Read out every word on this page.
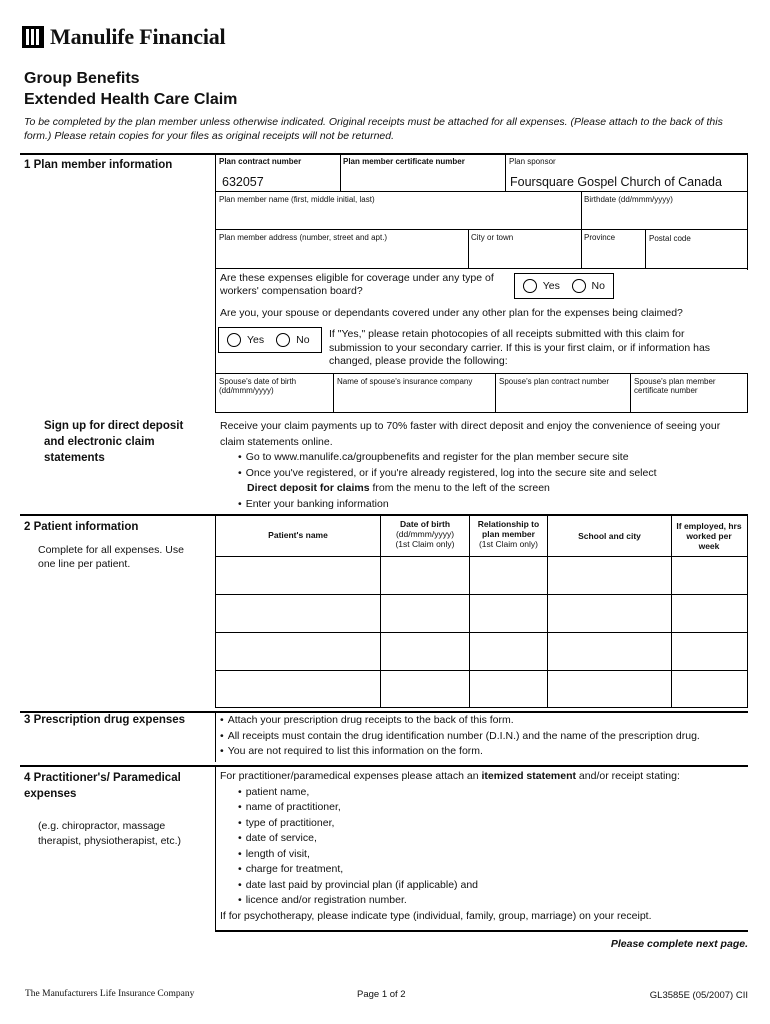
Manulife Financial
Group Benefits
Extended Health Care Claim
To be completed by the plan member unless otherwise indicated. Original receipts must be attached for all expenses. (Please attach to the back of this form.) Please retain copies for your files as original receipts will not be returned.
1 Plan member information	Plan contract number
632057
Plan member certificate number	Plan sponsor
Foursquare Gospel Church of Canada
Plan member name (first, middle initial, last)	Birthdate (dd/mmm/yyyy)
Plan member address (number, street and apt.)	City or town	Province	Postal code
Are these expenses eligible for coverage under any type of workers' compensation board?	Yes	No
Are you, your spouse or dependants covered under any other plan for the expenses being claimed?
Yes	No If "Yes," please retain photocopies of all receipts submitted with this claim for submission to your secondary carrier. If this is your first claim, or if information has changed, please provide the following:
Spouse's date of birth (dd/mmm/yyyy)
Name of spouse's insurance company	Spouse's plan contract number	Spouse's plan member certificate number
Sign up for direct deposit and electronic claim statements
Receive your claim payments up to 70% faster with direct deposit and enjoy the convenience of seeing your claim statements online.
• Go to www.manulife.ca/groupbenefits and register for the plan member secure site
• Once you've registered, or if you're already registered, log into the secure site and select
Direct deposit for claims from the menu to the left of the screen
• Enter your banking information
2 Patient information
Complete for all expenses. Use one line per patient.
Patient's name
Date of birth
(dd/mmm/yyyy)
(1st Claim only)
Relationship to plan member
(1st Claim only)
School and city
If employed, hrs worked per week
3 Prescription drug expenses
•	Attach your prescription drug receipts to the back of this form.
• All receipts must contain the drug identification number (D.I.N.) and the name of the prescription drug.
• You are not required to list this information on the form.
4 Practitioner's/ Paramedical expenses
(e.g. chiropractor, massage therapist, physiotherapist, etc.)
For practitioner/paramedical expenses please attach an itemized statement and/or receipt stating:
• patient name,
• name of practitioner,
• type of practitioner,
• date of service,
• length of visit,
• charge for treatment,
• date last paid by provincial plan (if applicable) and
• licence and/or registration number.
If for psychotherapy, please indicate type (individual, family, group, marriage) on your receipt.
Please complete next page.
The Manufacturers Life Insurance Company	Page 1 of 2	GL3585E (05/2007) CII
